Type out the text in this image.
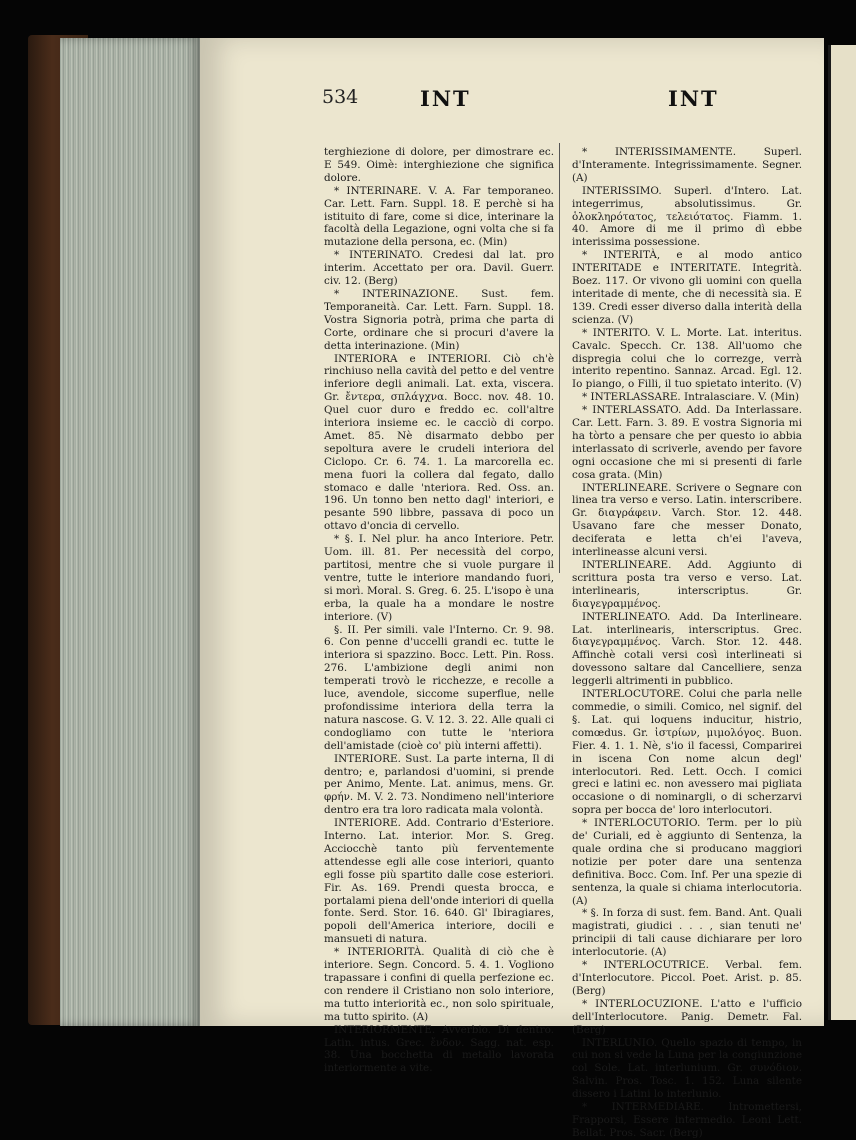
534	INT	INT

terghiezione di dolore, per dimostrare ec. E 549. Oimè: interghiezione che significa dolore.

* INTERINARE. V. A. Far temporaneo. Car. Lett. Farn. Suppl. 18. E perchè si ha istituito di fare, come si dice, interinare la facoltà della Legazione, ogni volta che si fa mutazione della persona, ec. (Min)

* INTERINATO. Credesi dal lat. pro interim. Accettato per ora. Davil. Guerr. civ. 12. (Berg)

* INTERINAZIONE. Sust. fem. Temporaneità. Car. Lett. Farn. Suppl. 18. Vostra Signoria potrà, prima che parta di Corte, ordinare che si procuri d'avere la detta interinazione. (Min)

INTERIORA e INTERIORI. Ciò ch'è rinchiuso nella cavità del petto e del ventre inferiore degli animali. Lat. exta, viscera. Gr. ἔντερα, σπλάγχνα. Bocc. nov. 48. 10. Quel cuor duro e freddo ec. coll'altre interiora insieme ec. le cacciò di corpo. Amet. 85. Nè disarmato debbo per sepoltura avere le crudeli interiora del Ciclopo. Cr. 6. 74. 1. La marcorella ec. mena fuori la collera dal fegato, dallo stomaco e dalle 'nteriora. Red. Oss. an. 196. Un tonno ben netto dagl' interiori, e pesante 590 libbre, passava di poco un ottavo d'oncia di cervello.

* §. I. Nel plur. ha anco Interiore. Petr. Uom. ill. 81. Per necessità del corpo, partitosi, mentre che si vuole purgare il ventre, tutte le interiore mandando fuori, si morì. Moral. S. Greg. 6. 25. L'isopo è una erba, la quale ha a mondare le nostre interiore. (V)

§. II. Per simili. vale l'Interno. Cr. 9. 98. 6. Con penne d'uccelli grandi ec. tutte le interiora si spazzino. Bocc. Lett. Pin. Ross. 276. L'ambizione degli animi non temperati trovò le ricchezze, e recolle a luce, avendole, siccome superflue, nelle profondissime interiora della terra la natura nascose. G. V. 12. 3. 22. Alle quali ci condogliamo con tutte le 'nteriora dell'amistade (cioè co' più interni affetti).

INTERIORE. Sust. La parte interna, Il di dentro; e, parlandosi d'uomini, si prende per Animo, Mente. Lat. animus, mens. Gr. φρήν. M. V. 2. 73. Nondimeno nell'interiore dentro era tra loro radicata mala volontà.

INTERIORE. Add. Contrario d'Esteriore. Interno. Lat. interior. Mor. S. Greg. Acciocchè tanto più ferventemente attendesse egli alle cose interiori, quanto egli fosse più spartito dalle cose esteriori. Fir. As. 169. Prendi questa brocca, e portalami piena dell'onde interiori di quella fonte. Serd. Stor. 16. 640. Gl' Ibiragiares, popoli dell'America interiore, docili e mansueti di natura.

* INTERIORITÀ. Qualità di ciò che è interiore. Segn. Concord. 5. 4. 1. Vogliono trapassare i confini di quella perfezione ec. con rendere il Cristiano non solo interiore, ma tutto interiorità ec., non solo spirituale, ma tutto spirito. (A)

INTERIORMENTE. Avverbio. Di dentro. Latin. intus. Grec. ἔνδον. Sagg. nat. esp. 38. Una bocchetta di metallo lavorata interiormente a vite.

* INTERISSIMAMENTE. Superl. d'Interamente. Integrissimamente. Segner. (A)

INTERISSIMO. Superl. d'Intero. Lat. integerrimus, absolutissimus. Gr. ὁλοκληρότατος, τελειότατος. Fiamm. 1. 40. Amore di me il primo dì ebbe interissima possessione.

* INTERITÀ, e al modo antico INTERITADE e INTERITATE. Integrità. Boez. 117. Or vivono gli uomini con quella interitade di mente, che di necessità sia. E 139. Credi esser diverso dalla interità della scienza. (V)

* INTERITO. V. L. Morte. Lat. interitus. Cavalc. Specch. Cr. 138. All'uomo che dispregia colui che lo correzge, verrà interito repentino. Sannaz. Arcad. Egl. 12. Io piango, o Filli, il tuo spietato interito. (V)

* INTERLASSARE. Intralasciare. V. (Min)

* INTERLASSATO. Add. Da Interlassare. Car. Lett. Farn. 3. 89. E vostra Signoria mi ha tòrto a pensare che per questo io abbia interlassato di scriverle, avendo per favore ogni occasione che mi si presenti di farle cosa grata. (Min)

INTERLINEARE. Scrivere o Segnare con linea tra verso e verso. Latin. interscribere. Gr. διαγράφειν. Varch. Stor. 12. 448. Usavano fare che messer Donato, deciferata e letta ch'ei l'aveva, interlineasse alcuni versi.

INTERLINEARE. Add. Aggiunto di scrittura posta tra verso e verso. Lat. interlinearis, interscriptus. Gr. διαγεγραμμένος.

INTERLINEATO. Add. Da Interlineare. Lat. interlinearis, interscriptus. Grec. διαγεγραμμένος. Varch. Stor. 12. 448. Affinchè cotali versi così interlineati si dovessono saltare dal Cancelliere, senza leggerli altrimenti in pubblico.

INTERLOCUTORE. Colui che parla nelle commedie, o simili. Comico, nel signif. del §. Lat. qui loquens inducitur, histrio, comœdus. Gr. ἰστρίων, μιμολόγος. Buon. Fier. 4. 1. 1. Nè, s'io il facessi, Comparirei in iscena Con nome alcun degl' interlocutori. Red. Lett. Occh. I comici greci e latini ec. non avessero mai pigliata occasione o di nominargli, o di scherzarvi sopra per bocca de' loro interlocutori.

* INTERLOCUTORIO. Term. per lo più de' Curiali, ed è aggiunto di Sentenza, la quale ordina che si producano maggiori notizie per poter dare una sentenza definitiva. Bocc. Com. Inf. Per una spezie di sentenza, la quale si chiama interlocutoria. (A)

* §. In forza di sust. fem. Band. Ant. Quali magistrati, giudici . . . , sian tenuti ne' principii di tali cause dichiarare per loro interlocutorie. (A)

* INTERLOCUTRICE. Verbal. fem. d'Interlocutore. Piccol. Poet. Arist. p. 85. (Berg)

* INTERLOCUZIONE. L'atto e l'ufficio dell'Interlocutore. Panig. Demetr. Fal. (Berg)

INTERLUNIO. Quello spazio di tempo, in cui non si vede la Luna per la congiunzione col Sole. Lat. interlunium. Gr. συνόδιον. Salvin. Pros. Tosc. 1. 152. Luna silente dissero i Latini lo interlunio.

* INTERMEDIARE. Intromettersi, Frapporsi, Essere intermedio. Leoni Lett. Bellat. Pros. Sacr. (Berg)
